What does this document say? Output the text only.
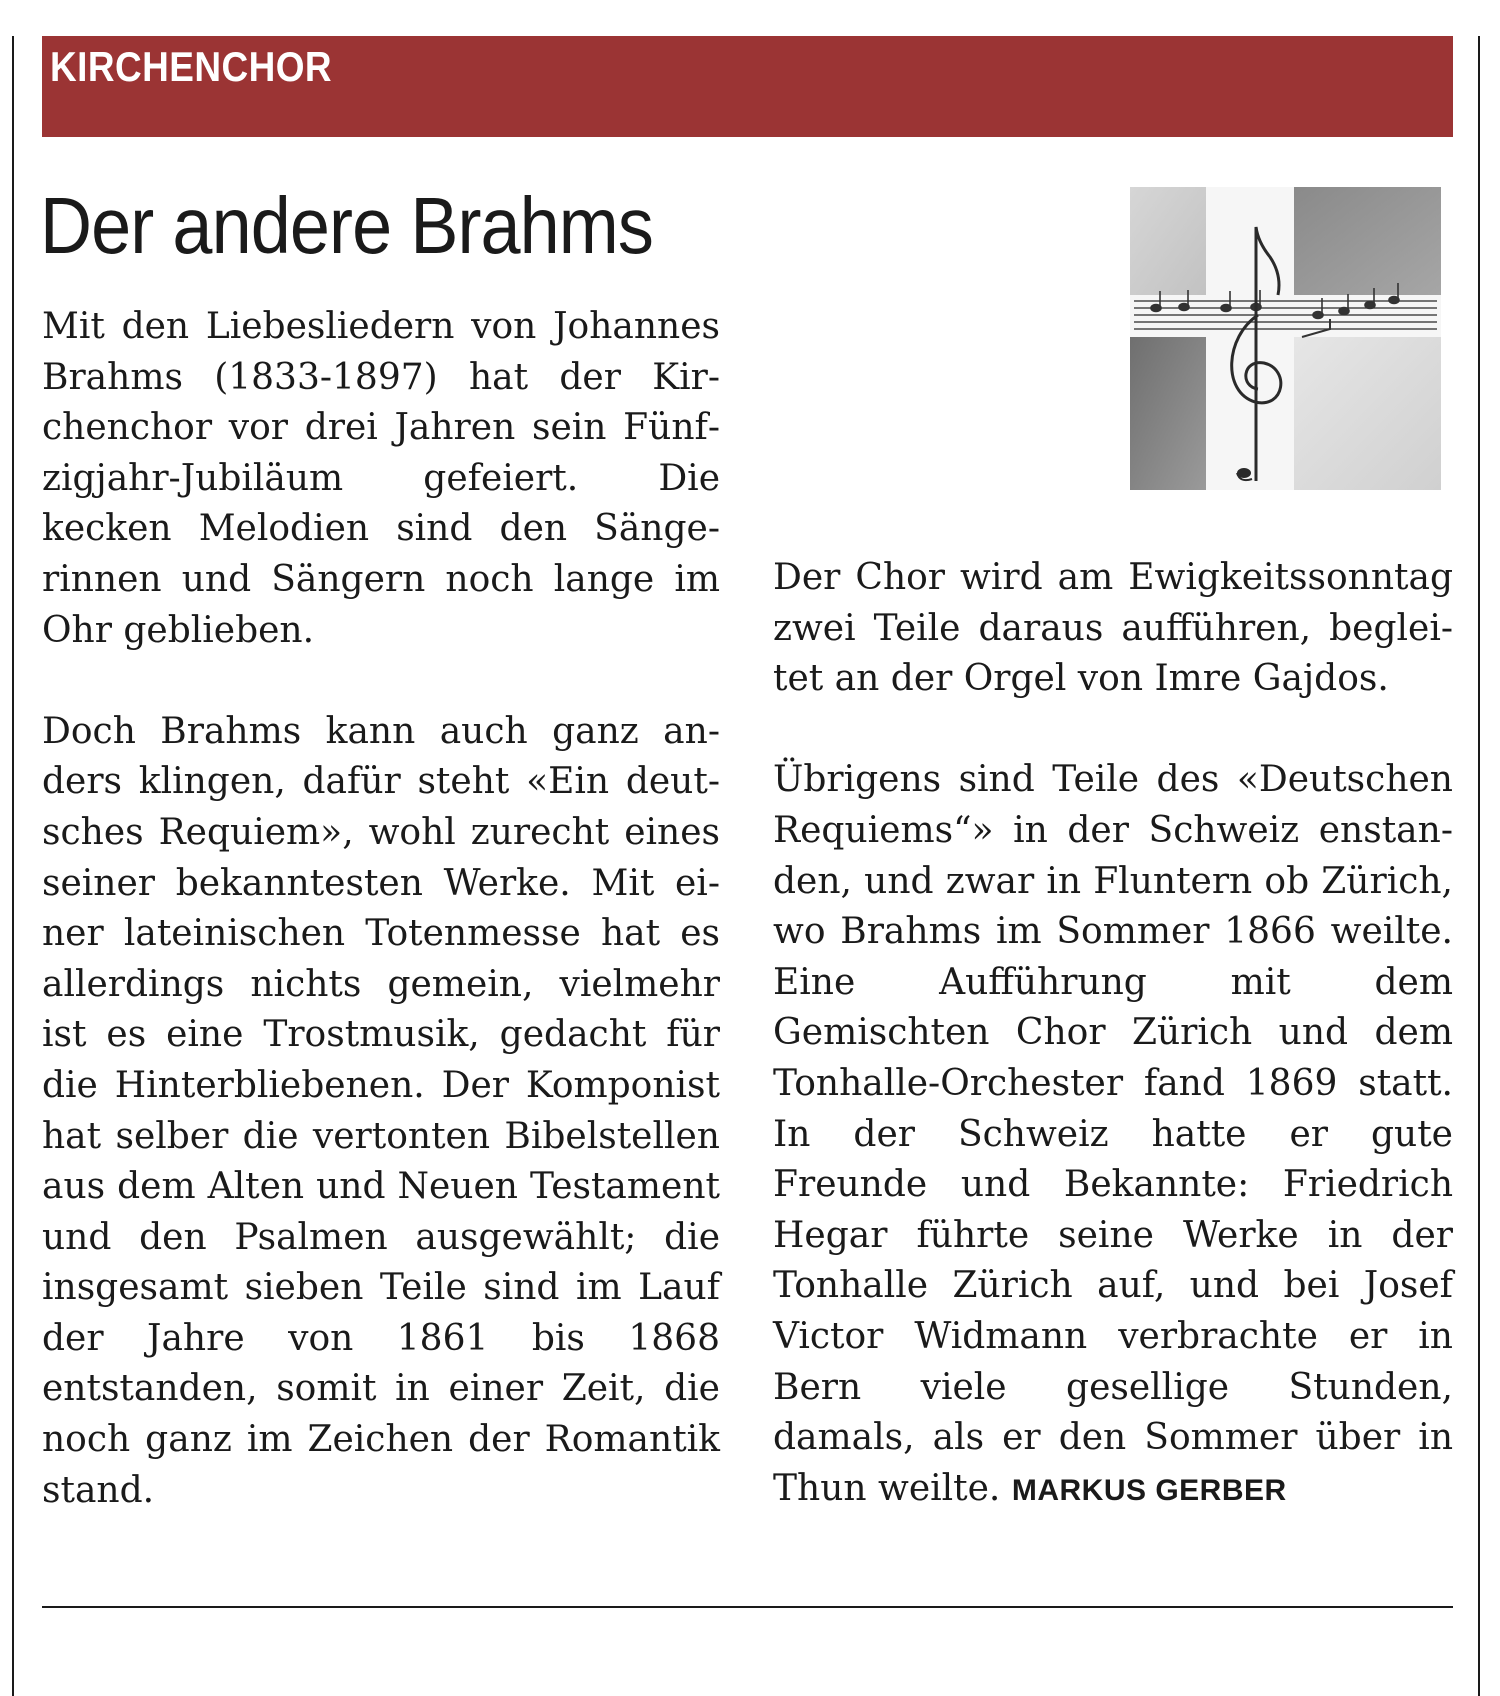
KIRCHENCHOR
Der andere Brahms

Mit den Liebesliedern von Johannes Brahms (1833-1897) hat der Kirchenchor vor drei Jahren sein Fünfzigjahr-Jubiläum gefeiert. Die kecken Melodien sind den Sängerinnen und Sängern noch lange im Ohr geblieben.

Doch Brahms kann auch ganz anders klingen, dafür steht «Ein deutsches Requiem», wohl zurecht eines seiner bekanntesten Werke. Mit einer lateinischen Totenmesse hat es allerdings nichts gemein, vielmehr ist es eine Trostmusik, gedacht für die Hinterbliebenen. Der Komponist hat selber die vertonten Bibelstellen aus dem Alten und Neuen Testament und den Psalmen ausgewählt; die insgesamt sieben Teile sind im Lauf der Jahre von 1861 bis 1868 entstanden, somit in einer Zeit, die noch ganz im Zeichen der Romantik stand.

Der Chor wird am Ewigkeitssonntag zwei Teile daraus aufführen, begleitet an der Orgel von Imre Gajdos.

Übrigens sind Teile des «Deutschen Requiems“» in der Schweiz enstanden, und zwar in Fluntern ob Zürich, wo Brahms im Sommer 1866 weilte. Eine Aufführung mit dem Gemischten Chor Zürich und dem Tonhalle-Orchester fand 1869 statt. In der Schweiz hatte er gute Freunde und Bekannte: Friedrich Hegar führte seine Werke in der Tonhalle Zürich auf, und bei Josef Victor Widmann verbrachte er in Bern viele gesellige Stunden, damals, als er den Sommer über in Thun weilte. MARKUS GERBER
